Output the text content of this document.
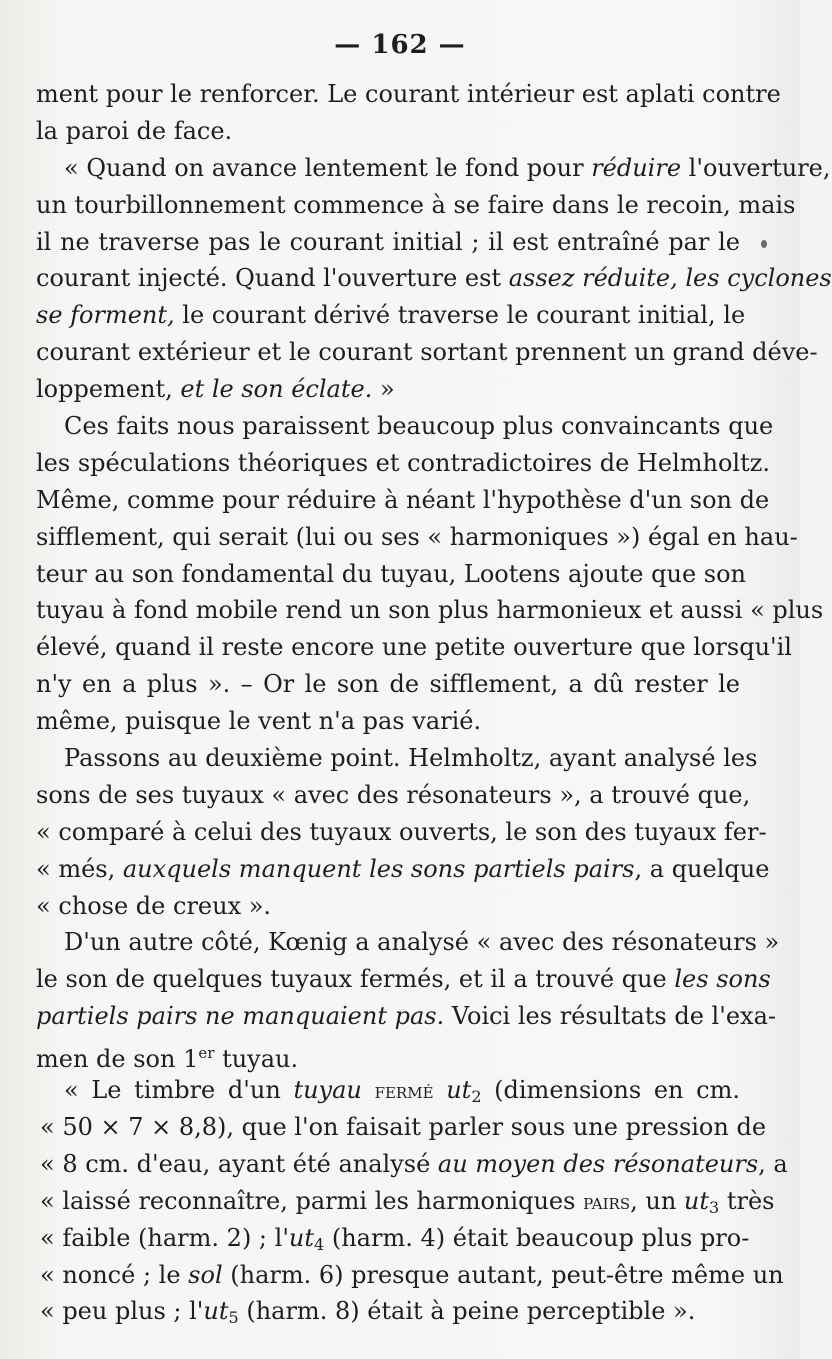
— 162 —
ment pour le renforcer. Le courant intérieur est aplati contre
la paroi de face.
« Quand on avance lentement le fond pour réduire l'ouverture,
un tourbillonnement commence à se faire dans le recoin, mais
il ne traverse pas le courant initial ; il est entraîné par le
courant injecté. Quand l'ouverture est assez réduite, les cyclones
se forment, le courant dérivé traverse le courant initial, le
courant extérieur et le courant sortant prennent un grand déve-
loppement, et le son éclate. »
Ces faits nous paraissent beaucoup plus convaincants que
les spéculations théoriques et contradictoires de Helmholtz.
Même, comme pour réduire à néant l'hypothèse d'un son de
sifflement, qui serait (lui ou ses « harmoniques ») égal en hau-
teur au son fondamental du tuyau, Lootens ajoute que son
tuyau à fond mobile rend un son plus harmonieux et aussi « plus
élevé, quand il reste encore une petite ouverture que lorsqu'il
n'y en a plus ». – Or le son de sifflement, a dû rester le
même, puisque le vent n'a pas varié.
Passons au deuxième point. Helmholtz, ayant analysé les
sons de ses tuyaux « avec des résonateurs », a trouvé que,
« comparé à celui des tuyaux ouverts, le son des tuyaux fer-
« més, auxquels manquent les sons partiels pairs, a quelque
« chose de creux ».
D'un autre côté, Kœnig a analysé « avec des résonateurs »
le son de quelques tuyaux fermés, et il a trouvé que les sons
partiels pairs ne manquaient pas. Voici les résultats de l'exa-
men de son 1er tuyau.
« Le timbre d'un tuyau fermé $ut_2$ (dimensions en cm.
« 50 × 7 × 8,8), que l'on faisait parler sous une pression de
« 8 cm. d'eau, ayant été analysé au moyen des résonateurs, a
« laissé reconnaître, parmi les harmoniques pairs, un $ut_3$ très
« faible (harm. 2) ; $l'ut_4$ (harm. 4) était beaucoup plus pro-
« noncé ; le sol (harm. 6) presque autant, peut-être même un
« peu plus ; $l'ut_5$ (harm. 8) était à peine perceptible ».
